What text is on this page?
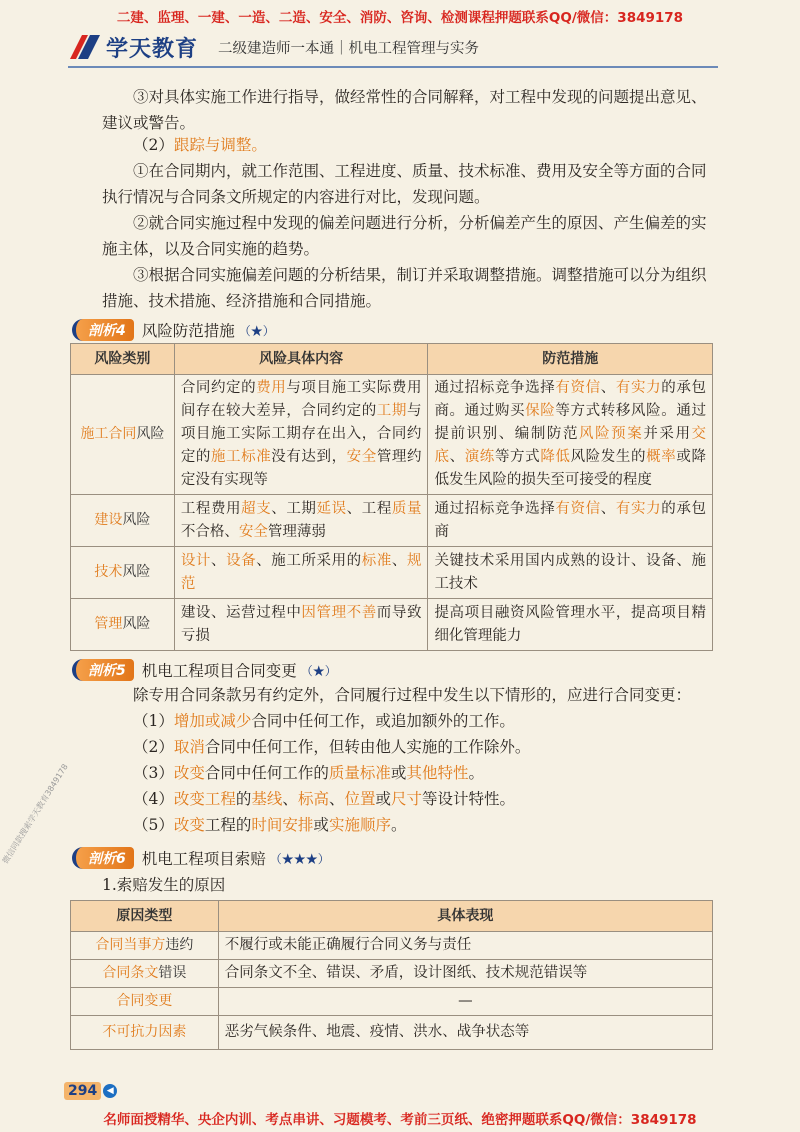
二建、监理、一建、一造、二造、安全、消防、咨询、检测课程押题联系QQ/微信：3849178
学天教育 二级建造师一本通｜机电工程管理与实务
③对具体实施工作进行指导，做经常性的合同解释，对工程中发现的问题提出意见、建议或警告。
（2）跟踪与调整。
①在合同期内，就工作范围、工程进度、质量、技术标准、费用及安全等方面的合同执行情况与合同条文所规定的内容进行对比，发现问题。
②就合同实施过程中发现的偏差问题进行分析，分析偏差产生的原因、产生偏差的实施主体，以及合同实施的趋势。
③根据合同实施偏差问题的分析结果，制订并采取调整措施。调整措施可以分为组织措施、技术措施、经济措施和合同措施。
剖析4	风险防范措施 （★）
风险类别	风险具体内容	防范措施
施工合同风险	合同约定的费用与项目施工实际费用间存在较大差异，合同约定的工期与项目施工实际工期存在出入，合同约定的施工标准没有达到，安全管理约定没有实现等	通过招标竞争选择有资信、有实力的承包商。通过购买保险等方式转移风险。通过提前识别、编制防范风险预案并采用交底、演练等方式降低风险发生的概率或降低发生风险的损失至可接受的程度
建设风险	工程费用超支、工期延误、工程质量不合格、安全管理薄弱	通过招标竞争选择有资信、有实力的承包商
技术风险	设计、设备、施工所采用的标准、规范	关键技术采用国内成熟的设计、设备、施工技术
管理风险	建设、运营过程中因管理不善而导致亏损	提高项目融资风险管理水平，提高项目精细化管理能力
剖析5	机电工程项目合同变更 （★）
除专用合同条款另有约定外，合同履行过程中发生以下情形的，应进行合同变更：
（1）增加或减少合同中任何工作，或追加额外的工作。
（2）取消合同中任何工作，但转由他人实施的工作除外。
（3）改变合同中任何工作的质量标准或其他特性。
（4）改变工程的基线、标高、位置或尺寸等设计特性。
（5）改变工程的时间安排或实施顺序。
剖析6	机电工程项目索赔 （★★★）
1.索赔发生的原因
原因类型	具体表现
合同当事方违约	不履行或未能正确履行合同义务与责任
合同条文错误	合同条文不全、错误、矛盾，设计图纸、技术规范错误等
合同变更	—
不可抗力因素	恶劣气候条件、地震、疫情、洪水、战争状态等
微信同款搜索学天教育3849178
294	◀
名师面授精华、央企内训、考点串讲、习题模考、考前三页纸、绝密押题联系QQ/微信：3849178
